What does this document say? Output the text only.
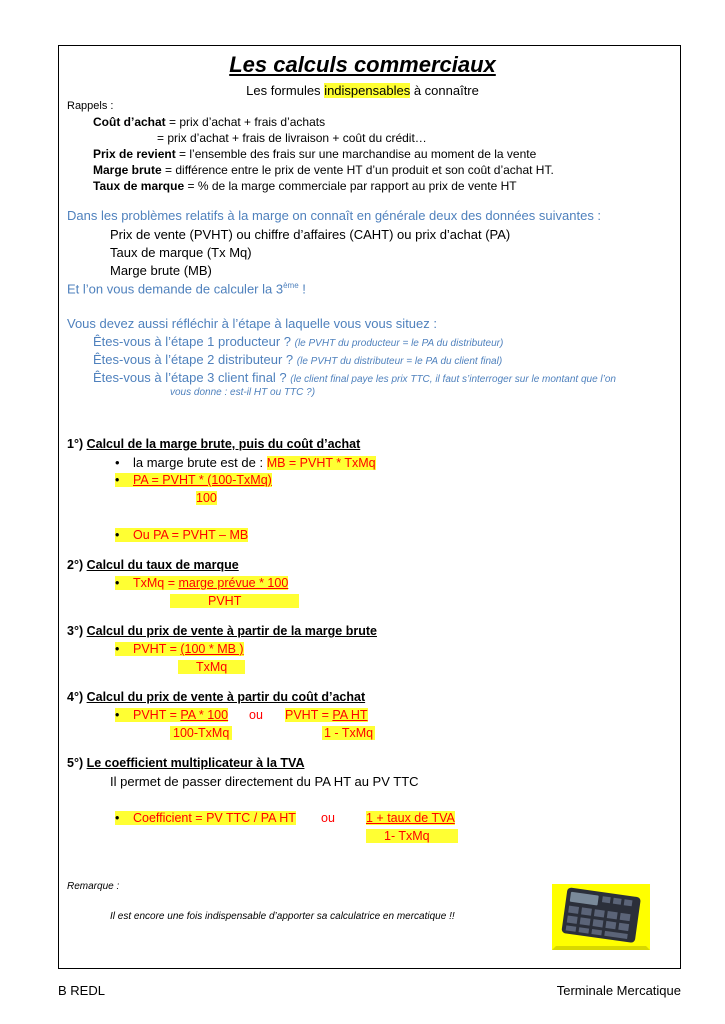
Les calculs commerciaux
Les formules indispensables à connaître
Rappels :
Coût d’achat = prix d’achat + frais d’achats
= prix d’achat + frais de livraison + coût du crédit…
Prix de revient = l’ensemble des frais sur une marchandise au moment de la vente
Marge brute = différence entre le prix de vente HT d’un produit et son coût d’achat HT.
Taux de marque = % de la marge commerciale par rapport au prix de vente HT
Dans les problèmes relatifs à la marge on connaît en générale deux des données suivantes :
Prix de vente (PVHT) ou chiffre d’affaires (CAHT) ou prix d’achat (PA)
Taux de marque (Tx Mq)
Marge brute (MB)
Et l’on vous demande de calculer la 3ème !
Vous devez aussi réfléchir à l’étape à laquelle vous vous situez :
Êtes-vous à l’étape 1 producteur ? (le PVHT du producteur = le PA du distributeur)
Êtes-vous à l’étape 2 distributeur ? (le PVHT du distributeur = le PA du client final)
Êtes-vous à l’étape 3 client final ? (le client final paye les prix TTC, il faut s’interroger sur le montant que l’on
vous donne : est-il HT ou TTC ?)
1°) Calcul de la marge brute, puis du coût d’achat
• la marge brute est de : MB = PVHT * TxMq
• PA = PVHT * (100-TxMq)
100
• Ou PA = PVHT – MB
2°) Calcul du taux de marque
• TxMq = marge prévue * 100
PVHT
3°) Calcul du prix de vente à partir de la marge brute
• PVHT = (100 * MB )
TxMq
4°) Calcul du prix de vente à partir du coût d’achat
• PVHT = PA * 100 ou PVHT = PA HT
100-TxMq	1 - TxMq
5°) Le coefficient multiplicateur à la TVA
Il permet de passer directement du PA HT au PV TTC
• Coefficient = PV TTC / PA HT ou 1 + taux de TVA
1- TxMq
Remarque :
Il est encore une fois indispensable d’apporter sa calculatrice en mercatique !!
B REDL	Terminale Mercatique
